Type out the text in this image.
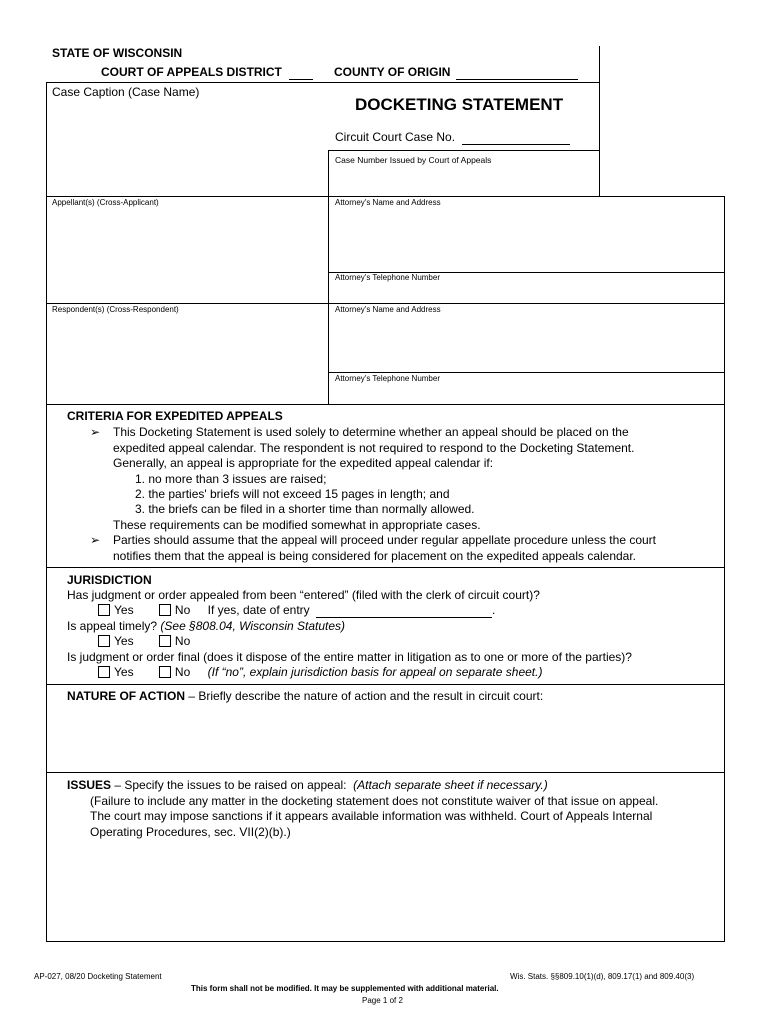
STATE OF WISCONSIN
COURT OF APPEALS DISTRICT	COUNTY OF ORIGIN
Case Caption (Case Name)
DOCKETING STATEMENT
Circuit Court Case No.
Case Number Issued by Court of Appeals
Appellant(s) (Cross-Applicant)	Attorney's Name and Address
Attorney's Telephone Number
Respondent(s) (Cross-Respondent)	Attorney's Name and Address
Attorney's Telephone Number
CRITERIA FOR EXPEDITED APPEALS
➢ This Docketing Statement is used solely to determine whether an appeal should be placed on the
expedited appeal calendar. The respondent is not required to respond to the Docketing Statement.
Generally, an appeal is appropriate for the expedited appeal calendar if:
1. no more than 3 issues are raised;
2. the parties' briefs will not exceed 15 pages in length; and
3. the briefs can be filed in a shorter time than normally allowed.
These requirements can be modified somewhat in appropriate cases.
➢ Parties should assume that the appeal will proceed under regular appellate procedure unless the court
notifies them that the appeal is being considered for placement on the expedited appeals calendar.
JURISDICTION
Has judgment or order appealed from been “entered” (filed with the clerk of circuit court)?
Yes	No If yes, date of entry	.
Is appeal timely? (See §808.04, Wisconsin Statutes)
Yes	No
Is judgment or order final (does it dispose of the entire matter in litigation as to one or more of the parties)?
Yes	No (If “no”, explain jurisdiction basis for appeal on separate sheet.)
NATURE OF ACTION – Briefly describe the nature of action and the result in circuit court:
ISSUES – Specify the issues to be raised on appeal:  (Attach separate sheet if necessary.)
(Failure to include any matter in the docketing statement does not constitute waiver of that issue on appeal.
The court may impose sanctions if it appears available information was withheld. Court of Appeals Internal
Operating Procedures, sec. VII(2)(b).)
AP-027, 08/20 Docketing Statement	Wis. Stats. §§809.10(1)(d), 809.17(1) and 809.40(3)
This form shall not be modified. It may be supplemented with additional material.
Page 1 of 2
